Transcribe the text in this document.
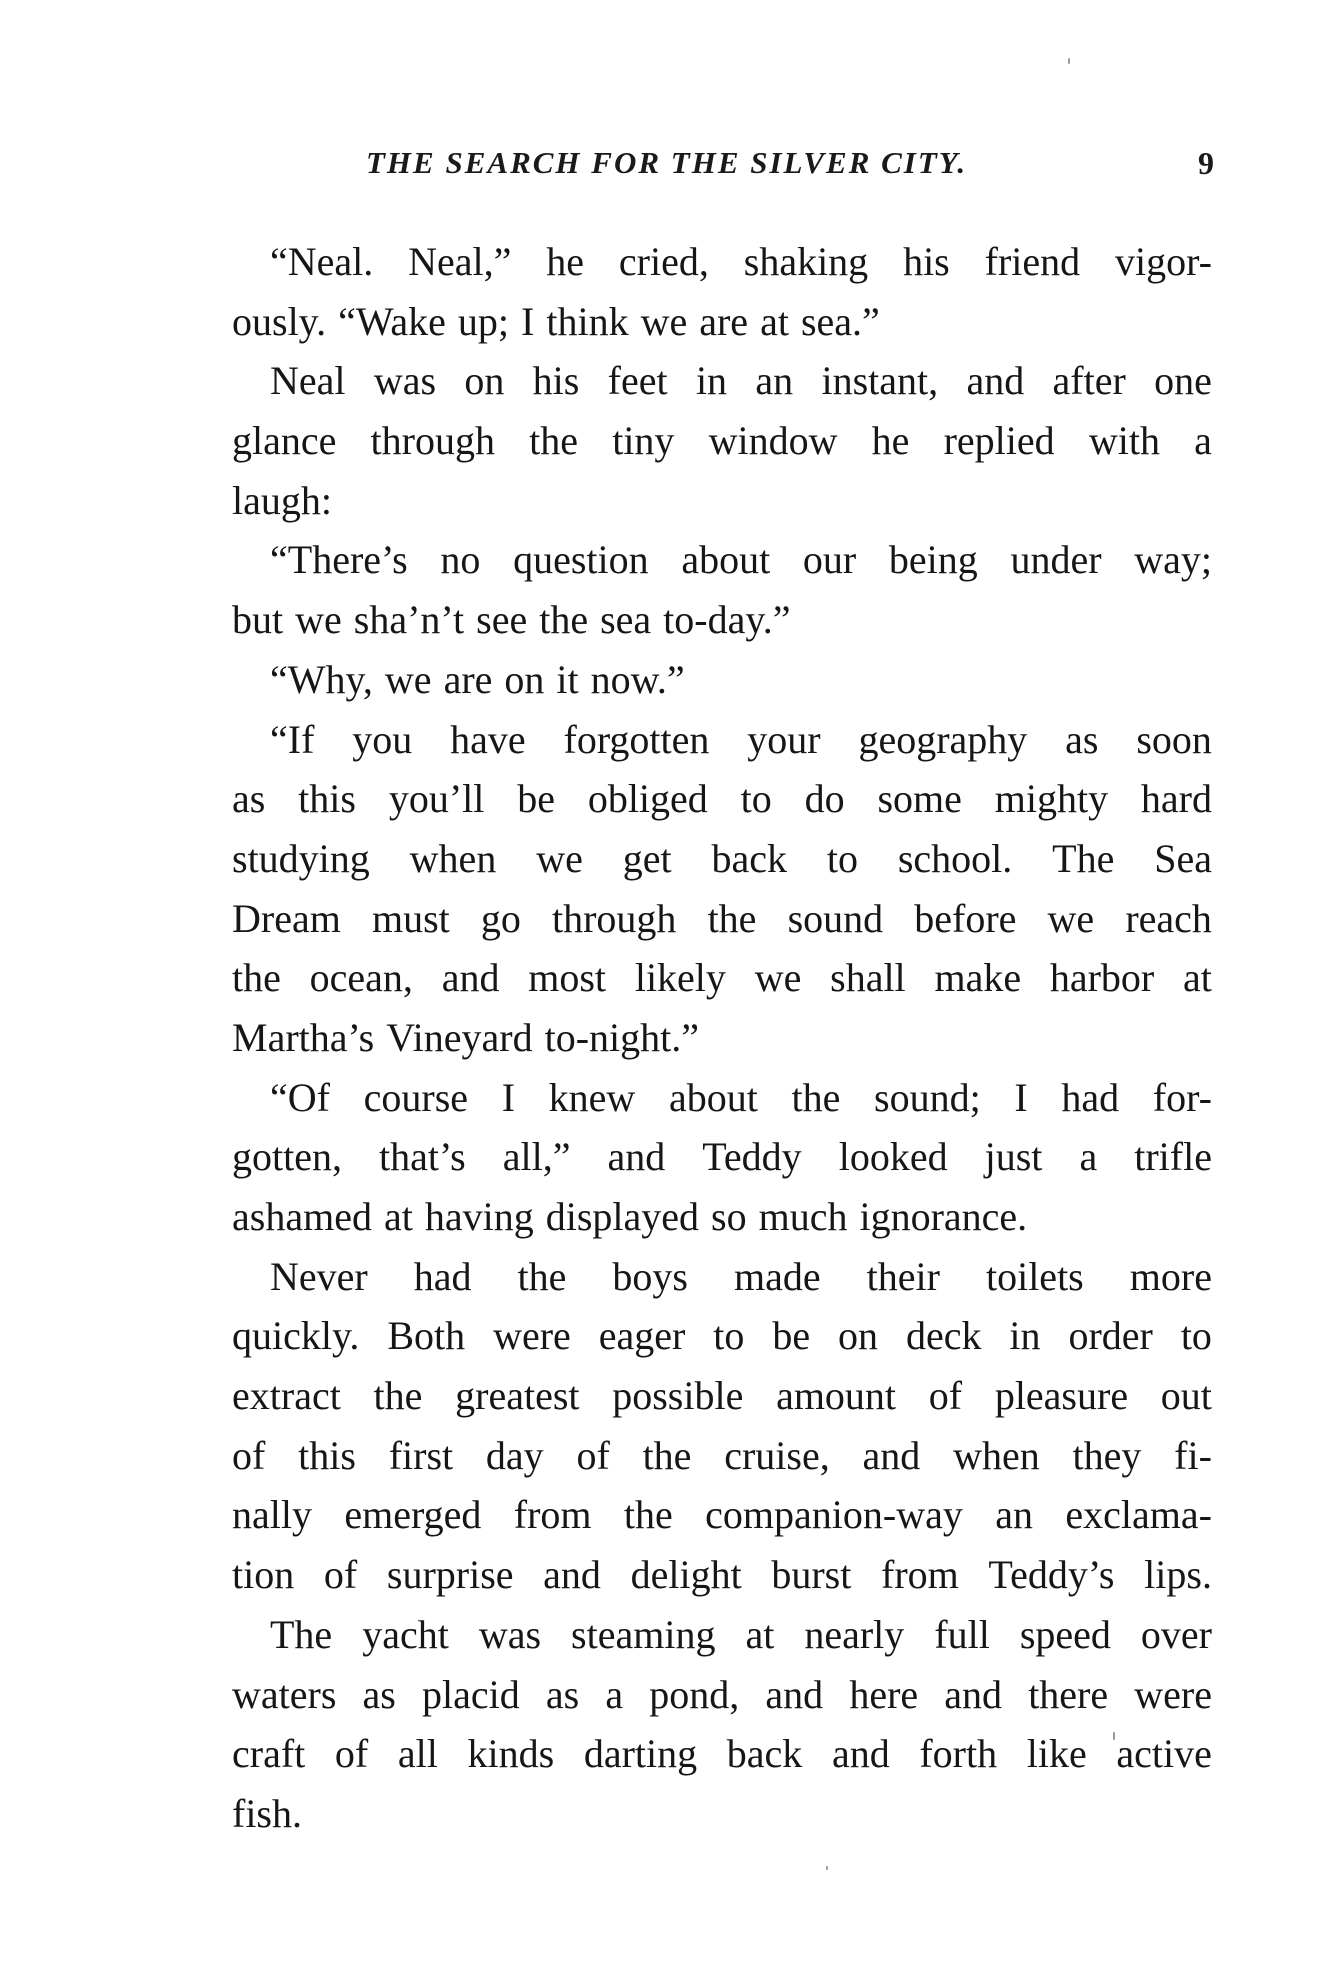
THE SEARCH FOR THE SILVER CITY.	9
“Neal. Neal,” he cried, shaking his friend vigor-
ously. “Wake up; I think we are at sea.”
Neal was on his feet in an instant, and after one
glance through the tiny window he replied with a
laugh:
“There’s no question about our being under way;
but we sha’n’t see the sea to-day.”
“Why, we are on it now.”
“If you have forgotten your geography as soon
as this you’ll be obliged to do some mighty hard
studying when we get back to school. The Sea
Dream must go through the sound before we reach
the ocean, and most likely we shall make harbor at
Martha’s Vineyard to-night.”
“Of course I knew about the sound; I had for-
gotten, that’s all,” and Teddy looked just a trifle
ashamed at having displayed so much ignorance.
Never had the boys made their toilets more
quickly. Both were eager to be on deck in order to
extract the greatest possible amount of pleasure out
of this first day of the cruise, and when they fi-
nally emerged from the companion-way an exclama-
tion of surprise and delight burst from Teddy’s lips.
The yacht was steaming at nearly full speed over
waters as placid as a pond, and here and there were
craft of all kinds darting back and forth like active
fish.
